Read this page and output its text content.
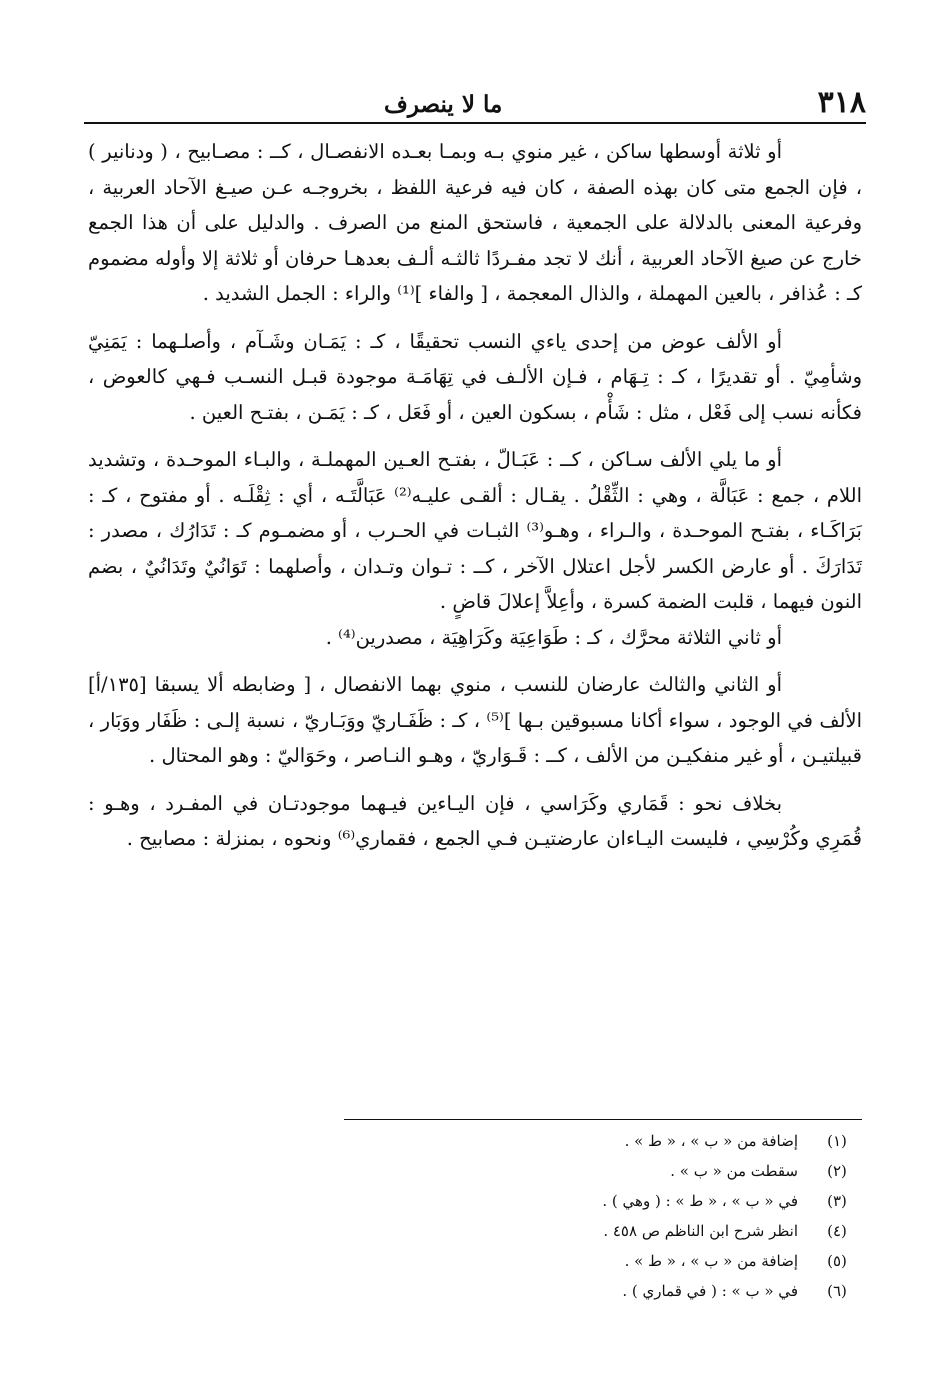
٣١٨
ما لا ينصرف

أو ثلاثة أوسطها ساكن ، غير منوي بـه وبمـا بعـده الانفصـال ، كــ : مصـابيح ، ( ودنانير ) ، فإن الجمع متى كان بهذه الصفة ، كان فيه فرعية اللفظ ، بخروجـه عـن صيـغ الآحاد العربية ، وفرعية المعنى بالدلالة على الجمعية ، فاستحق المنع من الصرف . والدليل على أن هذا الجمع خارج عن صيغ الآحاد العربية ، أنك لا تجد مفـردًا ثالثـه ألـف بعدهـا حرفان أو ثلاثة إلا وأوله مضموم كـ : عُذافر ، بالعين المهملة ، والذال المعجمة ، [ والفاء ]⁽¹⁾ والراء : الجمل الشديد .

أو الألف عوض من إحدى ياءي النسب تحقيقًا ، كـ : يَمَـان وشَـآم ، وأصلـهما : يَمَنِيّ وشأمِيّ . أو تقديرًا ، كـ : تِـهَام ، فـإن الألـف في تِهَامَـة موجودة قبـل النسـب فـهي كالعوض ، فكأنه نسب إلى فَعْل ، مثل : شَأْم ، بسكون العين ، أو فَعَل ، كـ : يَمَـن ، بفتـح العين .

أو ما يلي الألف سـاكن ، كــ : عَبَـالّ ، بفتـح العـين المهملـة ، والبـاء الموحـدة ، وتشديد اللام ، جمع : عَبَالَّة ، وهي : الثِّقْلُ . يقـال : ألقـى عليـه⁽²⁾ عَبَالَّتَـه ، أي : ثِقْلَـه . أو مفتوح ، كـ : بَرَاكَـاء ، بفتـح الموحـدة ، والـراء ، وهـو⁽³⁾ الثبـات في الحـرب ، أو مضمـوم كـ : تَدَارُك ، مصدر : تَدَارَكَ . أو عارض الكسر لأجل اعتلال الآخر ، كــ : تـوان وتـدان ، وأصلهما : تَوَانُيٌ وتَدَانُيٌ ، بضم النون فيهما ، قلبت الضمة كسرة ، وأعِلاَّ إعلالَ قاضٍ .

أو ثاني الثلاثة محرَّك ، كـ : طَوَاعِيَة وكَرَاهِيَة ، مصدرين⁽⁴⁾ .

أو الثاني والثالث عارضان للنسب ، منوي بهما الانفصال ، [ وضابطه ألا يسبقا [١٣٥/أ] الألف في الوجود ، سواء أكانا مسبوقين بـها ]⁽⁵⁾ ، كـ : ظَفَـاريّ ووَبَـاريّ ، نسبة إلـى : ظَفَار ووَبَار ، قبيلتيـن ، أو غير منفكيـن من الألف ، كــ : قَـوَاريّ ، وهـو النـاصر ، وحَوَاليّ : وهو المحتال .

بخلاف نحو : قَمَاري وكَرَاسي ، فإن اليـاءين فيـهما موجودتـان في المفـرد ، وهـو : قُمَرِي وكُرْسِي ، فليست اليـاءان عارضتيـن فـي الجمع ، فقماري⁽⁶⁾ ونحوه ، بمنزلة : مصابيح .

(١)
إضافة من « ب » ، « ط » .
(٢)
سقطت من « ب » .
(٣)
في « ب » ، « ط » : ( وهي ) .
(٤)
انظر شرح ابن الناظم ص ٤٥٨ .
(٥)
إضافة من « ب » ، « ط » .
(٦)
في « ب » : ( في قماري ) .
